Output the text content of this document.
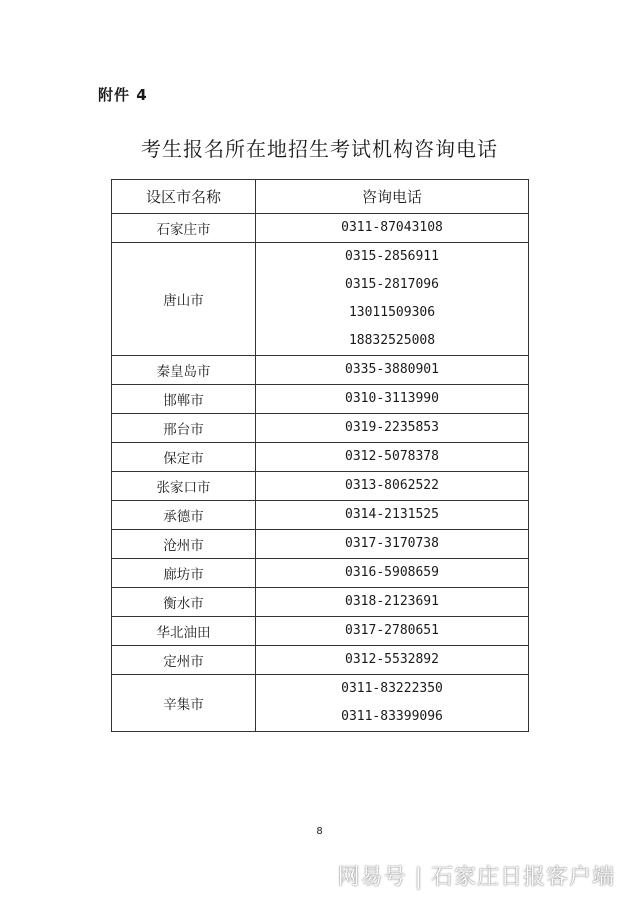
附件 4
考生报名所在地招生考试机构咨询电话
设区市名称	咨询电话
石家庄市	0311-87043108

唐山市	0315-2856911
0315-2817096
13011509306
18832525008

秦皇岛市	0335-3880901

邯郸市	0310-3113990

邢台市	0319-2235853

保定市	0312-5078378

张家口市	0313-8062522

承德市	0314-2131525

沧州市	0317-3170738

廊坊市	0316-5908659

衡水市	0318-2123691

华北油田	0317-2780651

定州市	0312-5532892

辛集市	0311-83222350
0311-83399096
8
网易号 | 石家庄日报客户端
